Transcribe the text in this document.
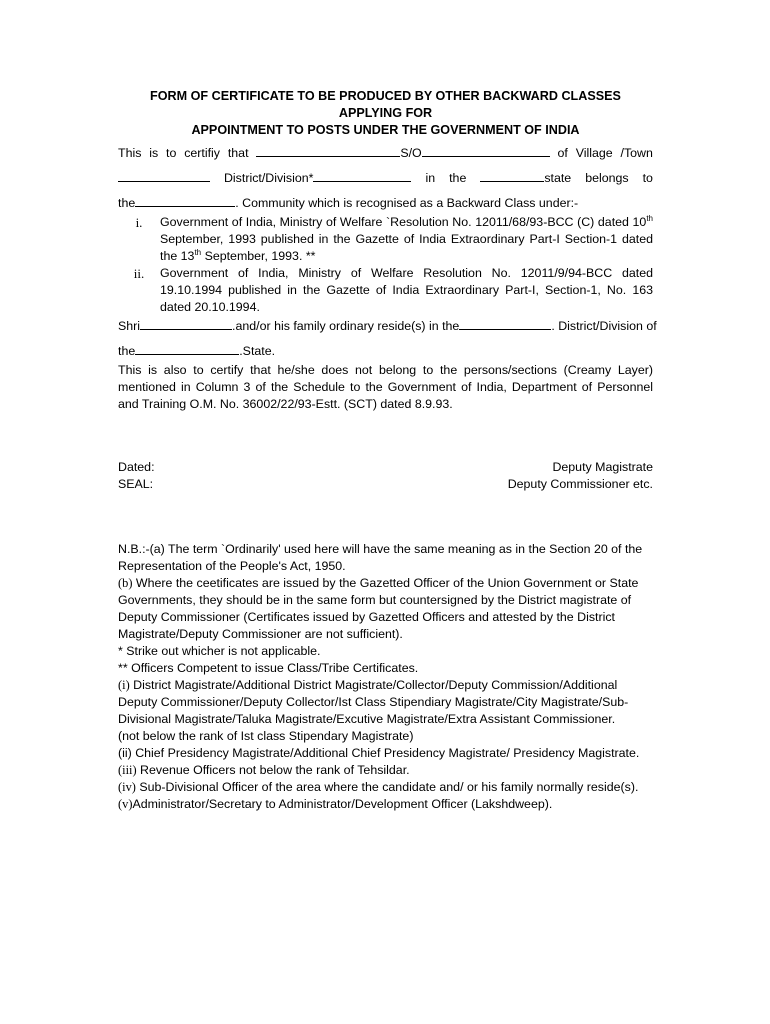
FORM OF CERTIFICATE TO BE PRODUCED BY OTHER BACKWARD CLASSES APPLYING FOR
APPOINTMENT TO POSTS UNDER THE GOVERNMENT OF INDIA

This is to certifiy that	S/O	of Village /Town
District/Division*	in the	state belongs to
the	. Community which is recognised as a Backward Class under:-
i.	Government of India, Ministry of Welfare `Resolution No. 12011/68/93-BCC (C) dated 10th September, 1993 published in the Gazette of India Extraordinary Part-I Section-1 dated the 13th September, 1993. **
ii.	Government of India, Ministry of Welfare Resolution No. 12011/9/94-BCC dated 19.10.1994 published in the Gazette of India Extraordinary Part-I, Section-1, No. 163 dated 20.10.1994.
Shri	.and/or his family ordinary reside(s) in the	. District/Division of
the	.State.
This is also to certify that he/she does not belong to the persons/sections (Creamy Layer) mentioned in Column 3 of the Schedule to the Government of India, Department of Personnel and Training O.M. No. 36002/22/93-Estt. (SCT) dated 8.9.93.
Dated:
SEAL:
Deputy Magistrate
Deputy Commissioner etc.

N.B.:-(a) The term `Ordinarily' used here will have the same meaning as in the Section 20 of the Representation of the People's Act, 1950.

(b) Where the ceetificates are issued by the Gazetted Officer of the Union Government or State Governments, they should be in the same form but countersigned by the District magistrate of Deputy Commissioner (Certificates issued by Gazetted Officers and attested by the District Magistrate/Deputy Commissioner are not sufficient).

* Strike out whicher is not applicable.

** Officers Competent to issue Class/Tribe Certificates.

(i) District Magistrate/Additional District Magistrate/Collector/Deputy Commission/Additional Deputy Commissioner/Deputy Collector/Ist Class Stipendiary Magistrate/City Magistrate/Sub-Divisional Magistrate/Taluka Magistrate/Excutive Magistrate/Extra Assistant Commissioner.

(not below the rank of Ist class Stipendary Magistrate)

(ii) Chief Presidency Magistrate/Additional Chief Presidency Magistrate/ Presidency Magistrate.

(iii) Revenue Officers not below the rank of Tehsildar.

(iv) Sub-Divisional Officer of the area where the candidate and/ or his family normally reside(s).

(v)Administrator/Secretary to Administrator/Development Officer (Lakshdweep).
